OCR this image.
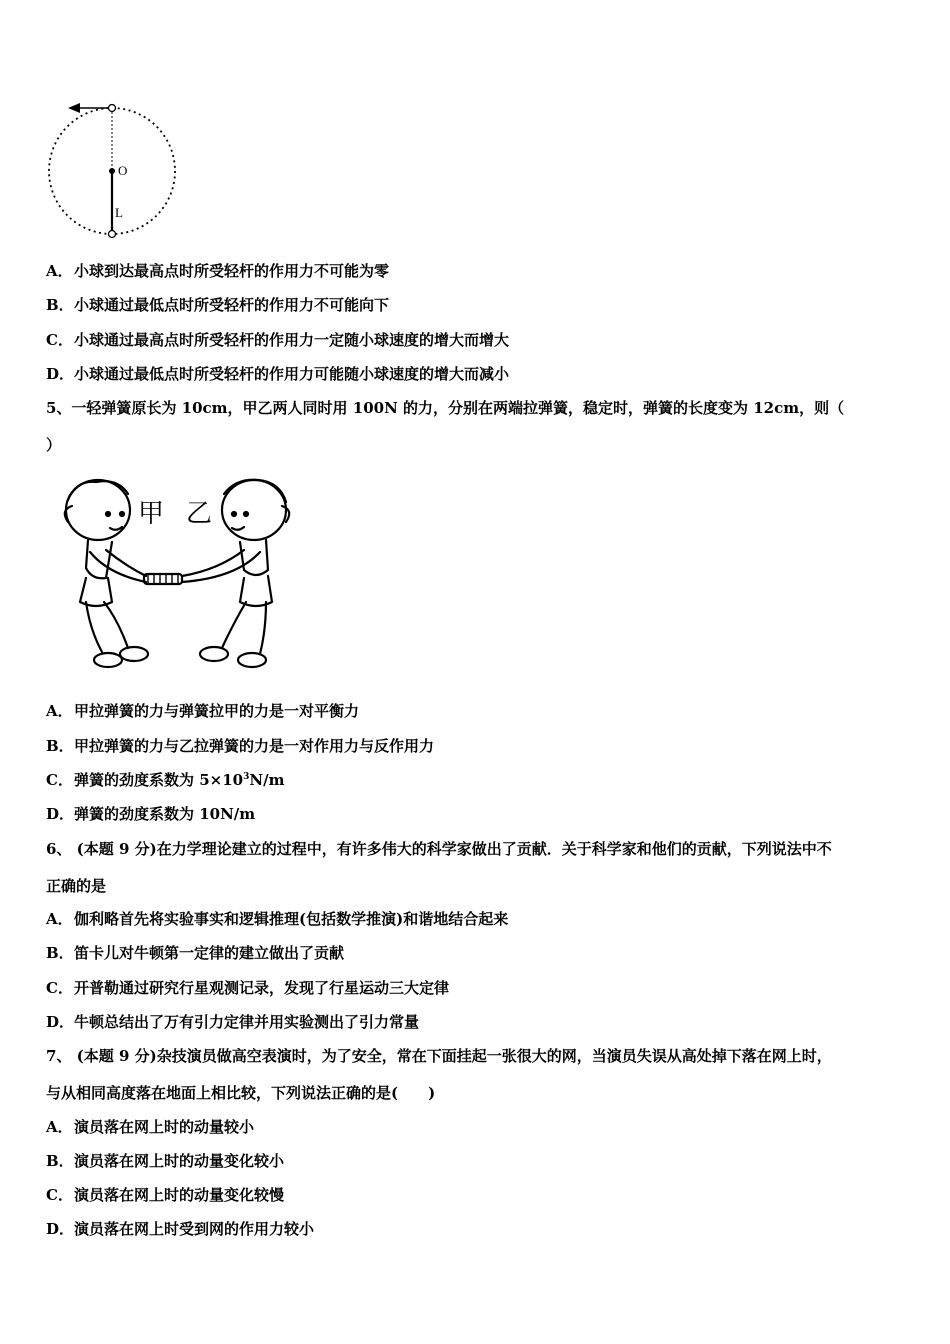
O
L
A．小球到达最高点时所受轻杆的作用力不可能为零
B．小球通过最低点时所受轻杆的作用力不可能向下
C．小球通过最高点时所受轻杆的作用力一定随小球速度的增大而增大
D．小球通过最低点时所受轻杆的作用力可能随小球速度的增大而减小
5、一轻弹簧原长为 10cm，甲乙两人同时用 100N 的力，分别在两端拉弹簧，稳定时，弹簧的长度变为 12cm，则（
）
甲 乙
A．甲拉弹簧的力与弹簧拉甲的力是一对平衡力
B．甲拉弹簧的力与乙拉弹簧的力是一对作用力与反作用力
C．弹簧的劲度系数为 $5\times 10^3N/m$
D．弹簧的劲度系数为 10N/m
6、 (本题 9 分)在力学理论建立的过程中，有许多伟大的科学家做出了贡献．关于科学家和他们的贡献，下列说法中不
正确的是
A．伽利略首先将实验事实和逻辑推理(包括数学推演)和谐地结合起来
B．笛卡儿对牛顿第一定律的建立做出了贡献
C．开普勒通过研究行星观测记录，发现了行星运动三大定律
D．牛顿总结出了万有引力定律并用实验测出了引力常量
7、 (本题 9 分)杂技演员做高空表演时，为了安全，常在下面挂起一张很大的网，当演员失误从高处掉下落在网上时，
与从相同高度落在地面上相比较，下列说法正确的是(　　)
A．演员落在网上时的动量较小
B．演员落在网上时的动量变化较小
C．演员落在网上时的动量变化较慢
D．演员落在网上时受到网的作用力较小
